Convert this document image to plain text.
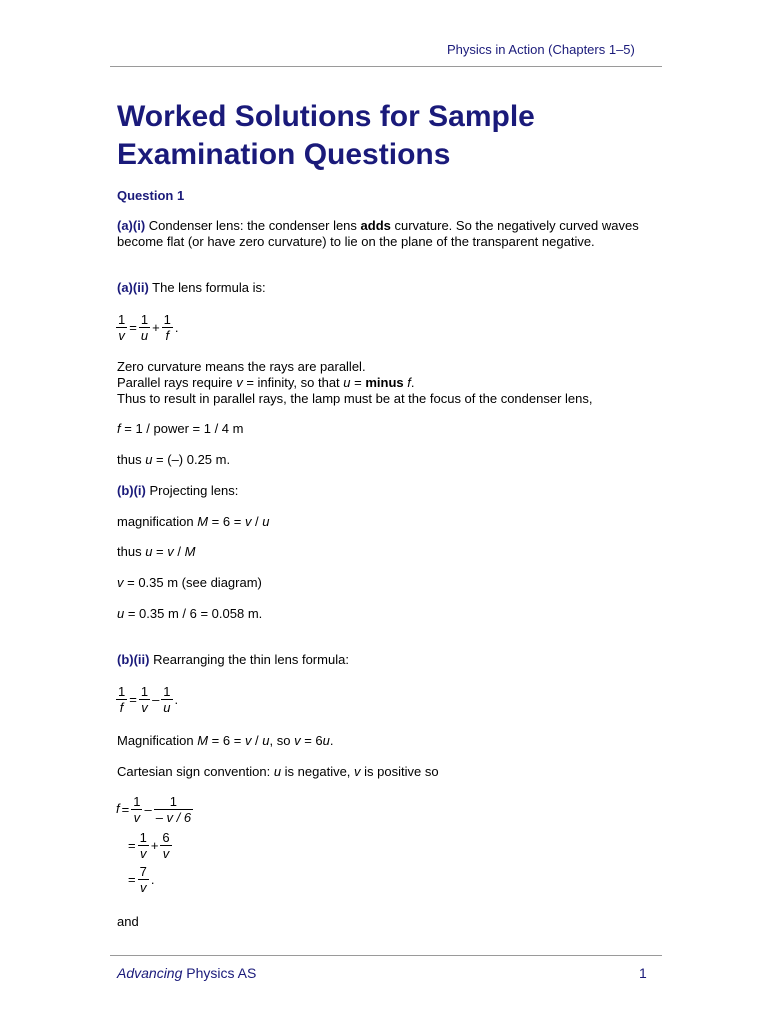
Physics in Action (Chapters 1–5)
Worked Solutions for Sample Examination Questions
Question 1
(a)(i) Condenser lens: the condenser lens adds curvature. So the negatively curved waves become flat (or have zero curvature) to lie on the plane of the transparent negative.
(a)(ii) The lens formula is:
$\frac{1}{v} = \frac{1}{u} + \frac{1}{f}$ .
Zero curvature means the rays are parallel.
Parallel rays require v = infinity, so that u = minus f.
Thus to result in parallel rays, the lamp must be at the focus of the condenser lens,
f = 1 / power = 1 / 4 m
thus u = (–) 0.25 m.
(b)(i) Projecting lens:
magnification M = 6 = v / u
thus u = v / M
v = 0.35 m (see diagram)
u = 0.35 m / 6 = 0.058 m.
(b)(ii) Rearranging the thin lens formula:
$\frac{1}{f} = \frac{1}{v} - \frac{1}{u}$ .
Magnification M = 6 = v / u, so v = 6u.
Cartesian sign convention: u is negative, v is positive so
$f = \frac{1}{v} - \frac{1}{- v / 6}$
= $\frac{1}{v} + \frac{6}{v}$
= $\frac{7}{v}$ .
and
Advancing Physics AS	1
